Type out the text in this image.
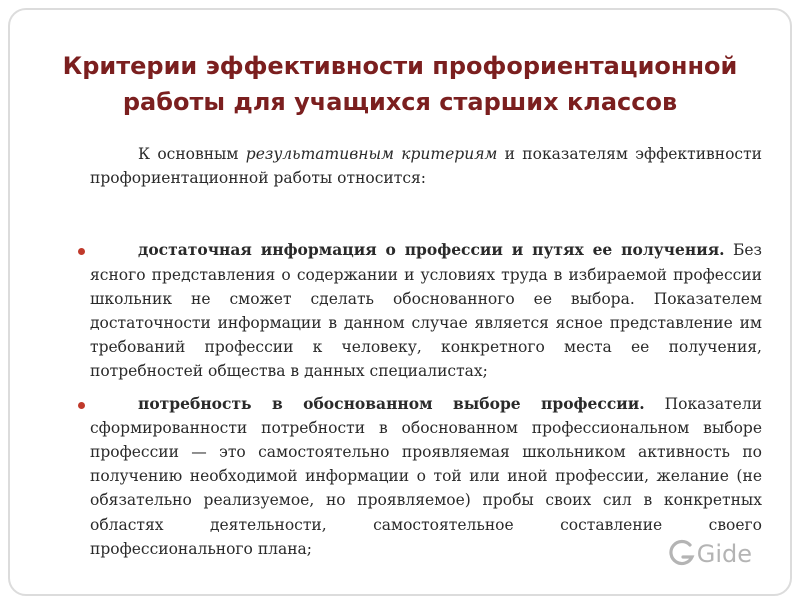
Критерии эффективности профориентационной
работы для учащихся старших классов

К основным результативным критериям и показателям эффективности профориентационной работы относится:

достаточная информация о профессии и путях ее получения. Без ясного представления о содержании и условиях труда в избираемой профессии школьник не сможет сделать обоснованного ее выбора. Показателем достаточности информации в данном случае является ясное представление им требований профессии к человеку, конкретного места ее получения, потребностей общества в данных специалистах;

потребность в обоснованном выборе профессии. Показатели сформированности потребности в обоснованном профессиональном выборе профессии — это самостоятельно проявляемая школьником активность по получению необходимой информации о той или иной профессии, желание (не обязательно реализуемое, но проявляемое) пробы своих сил в конкретных областях деятельности, самостоятельное составление своего профессионального плана;	Gide
